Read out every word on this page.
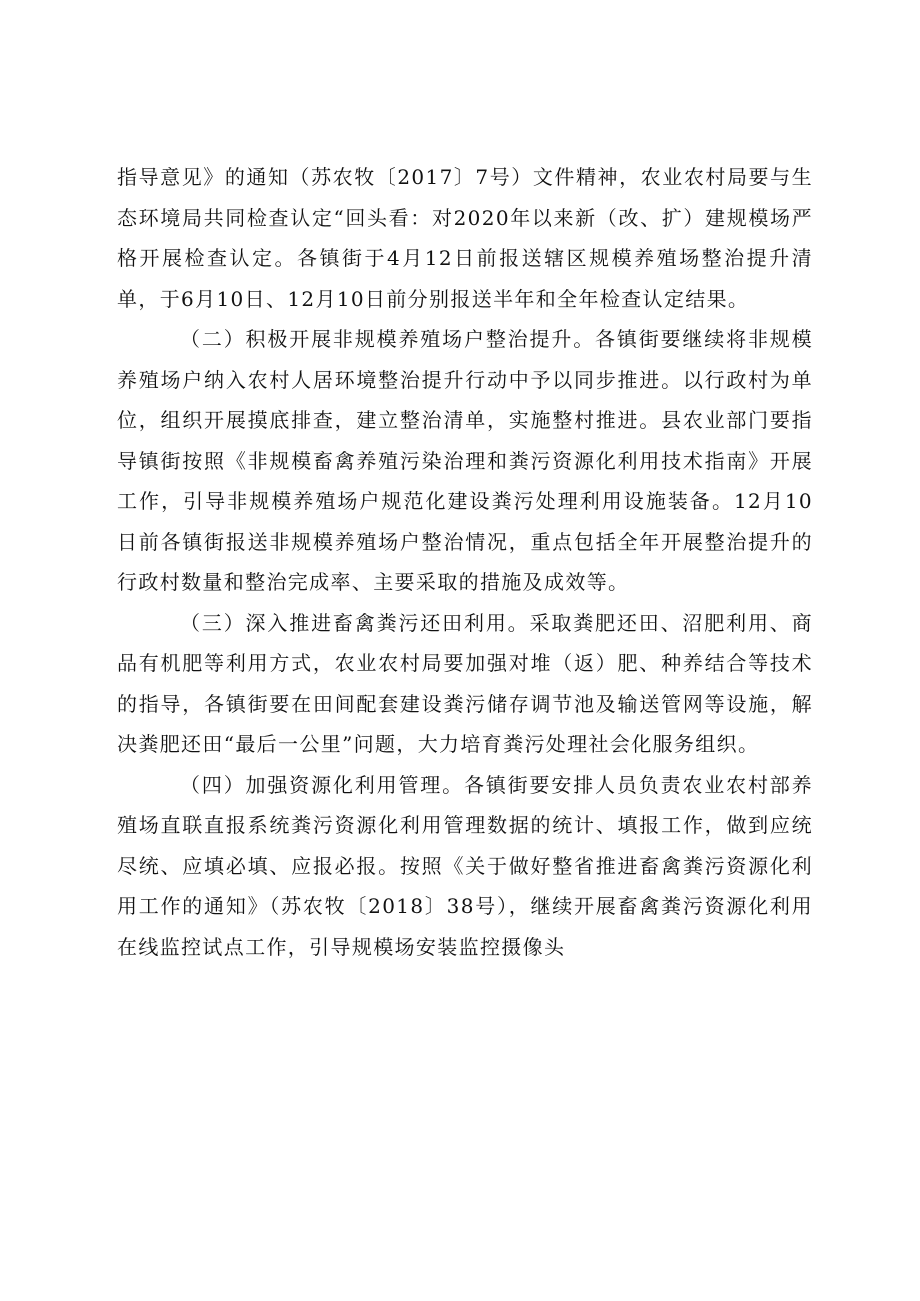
指导意见》的通知（苏农牧〔2017〕7号）文件精神，农业农村局要与生态环境局共同检查认定“回头看：对2020年以来新（改、扩）建规模场严格开展检查认定。各镇街于4月12日前报送辖区规模养殖场整治提升清单，于6月10日、12月10日前分别报送半年和全年检查认定结果。

（二）积极开展非规模养殖场户整治提升。各镇街要继续将非规模养殖场户纳入农村人居环境整治提升行动中予以同步推进。以行政村为单位，组织开展摸底排查，建立整治清单，实施整村推进。县农业部门要指导镇街按照《非规模畜禽养殖污染治理和粪污资源化利用技术指南》开展工作，引导非规模养殖场户规范化建设粪污处理利用设施装备。12月10日前各镇街报送非规模养殖场户整治情况，重点包括全年开展整治提升的行政村数量和整治完成率、主要采取的措施及成效等。

（三）深入推进畜禽粪污还田利用。采取粪肥还田、沼肥利用、商品有机肥等利用方式，农业农村局要加强对堆（返）肥、种养结合等技术的指导，各镇街要在田间配套建设粪污储存调节池及输送管网等设施，解决粪肥还田“最后一公里”问题，大力培育粪污处理社会化服务组织。

（四）加强资源化利用管理。各镇街要安排人员负责农业农村部养殖场直联直报系统粪污资源化利用管理数据的统计、填报工作，做到应统尽统、应填必填、应报必报。按照《关于做好整省推进畜禽粪污资源化利用工作的通知》（苏农牧〔2018〕38号），继续开展畜禽粪污资源化利用在线监控试点工作，引导规模场安装监控摄像头
